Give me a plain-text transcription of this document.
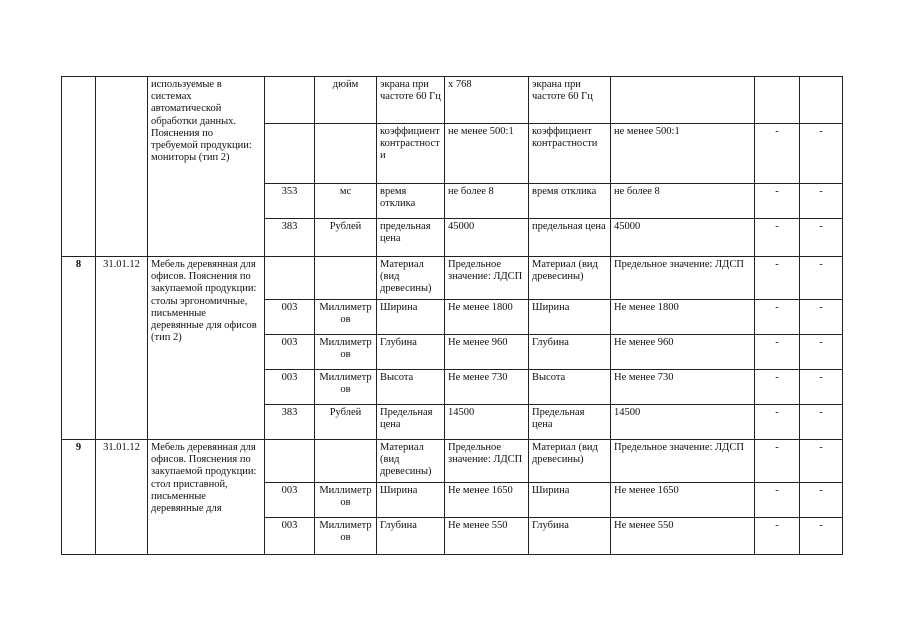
		используемые в системах автоматической обработки данных. Пояснения по требуемой продукции: мониторы (тип 2)		дюйм	экрана при частоте 60 Гц	x 768	экрана при частоте 60 Гц			
					коэффициент контрастности	не менее 500:1	коэффициент контрастности	не менее 500:1	-	-
			353	мс	время отклика	не более 8	время отклика	не более 8	-	-
			383	Рублей	предельная цена	45000	предельная цена	45000	-	-
8	31.01.12	Мебель деревянная для офисов. Пояснения по закупаемой продукции: столы эргономичные, письменные деревянные для офисов (тип 2)			Материал (вид древесины)	Предельное значение: ЛДСП	Материал (вид древесины)	Предельное значение: ЛДСП	-	-
			003	Миллиметров	Ширина	Не менее 1800	Ширина	Не менее 1800	-	-
			003	Миллиметров	Глубина	Не менее 960	Глубина	Не менее 960	-	-
			003	Миллиметров	Высота	Не менее 730	Высота	Не менее 730	-	-
			383	Рублей	Предельная цена	14500	Предельная цена	14500	-	-
9	31.01.12	Мебель деревянная для офисов. Пояснения по закупаемой продукции: стол приставной, письменные деревянные для			Материал (вид древесины)	Предельное значение: ЛДСП	Материал (вид древесины)	Предельное значение: ЛДСП	-	-
			003	Миллиметров	Ширина	Не менее 1650	Ширина	Не менее 1650	-	-
			003	Миллиметров	Глубина	Не менее 550	Глубина	Не менее 550	-	-
